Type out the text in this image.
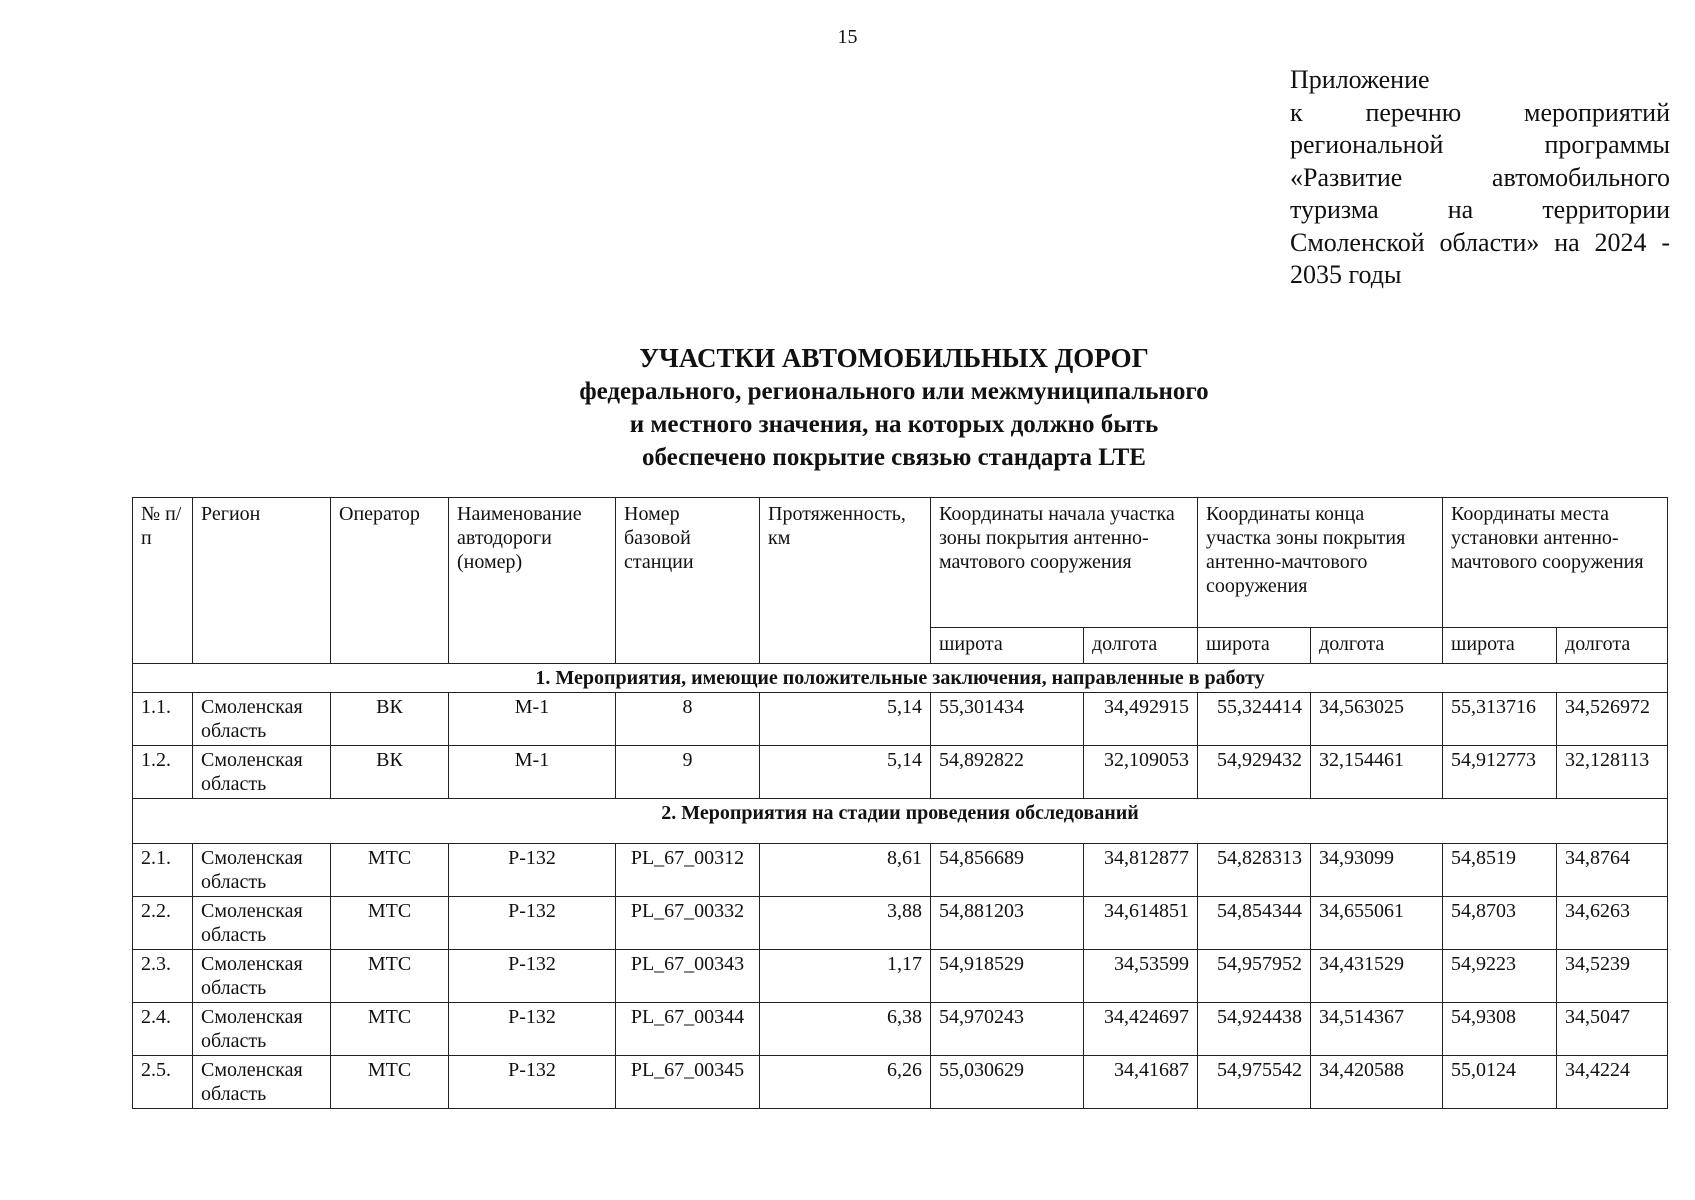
15
Приложение
к перечню мероприятий региональной программы «Развитие автомобильного туризма на территории Смоленской области» на 2024 - 2035 годы
УЧАСТКИ АВТОМОБИЛЬНЫХ ДОРОГ
федерального, регионального или межмуниципального
и местного значения, на которых должно быть
обеспечено покрытие связью стандарта LTE
№ п/п	Регион	Оператор	Наименование автодороги (номер)	Номер базовой станции	Протяженность, км	Координаты начала участка зоны покрытия антенно-мачтового сооружения		Координаты конца участка зоны покрытия антенно-мачтового сооружения		Координаты места установки антенно-мачтового сооружения	
						широта	долгота	широта	долгота	широта	долгота
1. Мероприятия, имеющие положительные заключения, направленные в работу											
1.1.	Смоленская область	ВК	М-1	8	5,14	55,301434	34,492915	55,324414	34,563025	55,313716	34,526972
1.2.	Смоленская область	ВК	М-1	9	5,14	54,892822	32,109053	54,929432	32,154461	54,912773	32,128113
2. Мероприятия на стадии проведения обследований											
2.1.	Смоленская область	МТС	Р-132	PL_67_00312	8,61	54,856689	34,812877	54,828313	34,93099	54,8519	34,8764
2.2.	Смоленская область	МТС	Р-132	PL_67_00332	3,88	54,881203	34,614851	54,854344	34,655061	54,8703	34,6263
2.3.	Смоленская область	МТС	Р-132	PL_67_00343	1,17	54,918529	34,53599	54,957952	34,431529	54,9223	34,5239
2.4.	Смоленская область	МТС	Р-132	PL_67_00344	6,38	54,970243	34,424697	54,924438	34,514367	54,9308	34,5047
2.5.	Смоленская область	МТС	Р-132	PL_67_00345	6,26	55,030629	34,41687	54,975542	34,420588	55,0124	34,4224
